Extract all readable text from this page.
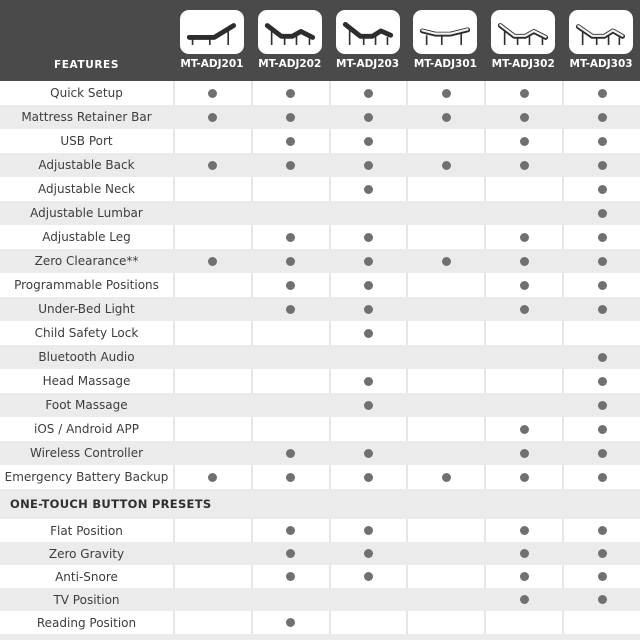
FEATURES	MT-ADJ201 MT-ADJ202 MT-ADJ203 MT-ADJ301 MT-ADJ302 MT-ADJ303
Quick Setup
Mattress Retainer Bar
USB Port
Adjustable Back
Adjustable Neck
Adjustable Lumbar
Adjustable Leg
Zero Clearance**
Programmable Positions
Under-Bed Light
Child Safety Lock
Bluetooth Audio
Head Massage
Foot Massage
iOS / Android APP
Wireless Controller
Emergency Battery Backup
ONE-TOUCH BUTTON PRESETS
Flat Position
Zero Gravity
Anti-Snore
TV Position
Reading Position
